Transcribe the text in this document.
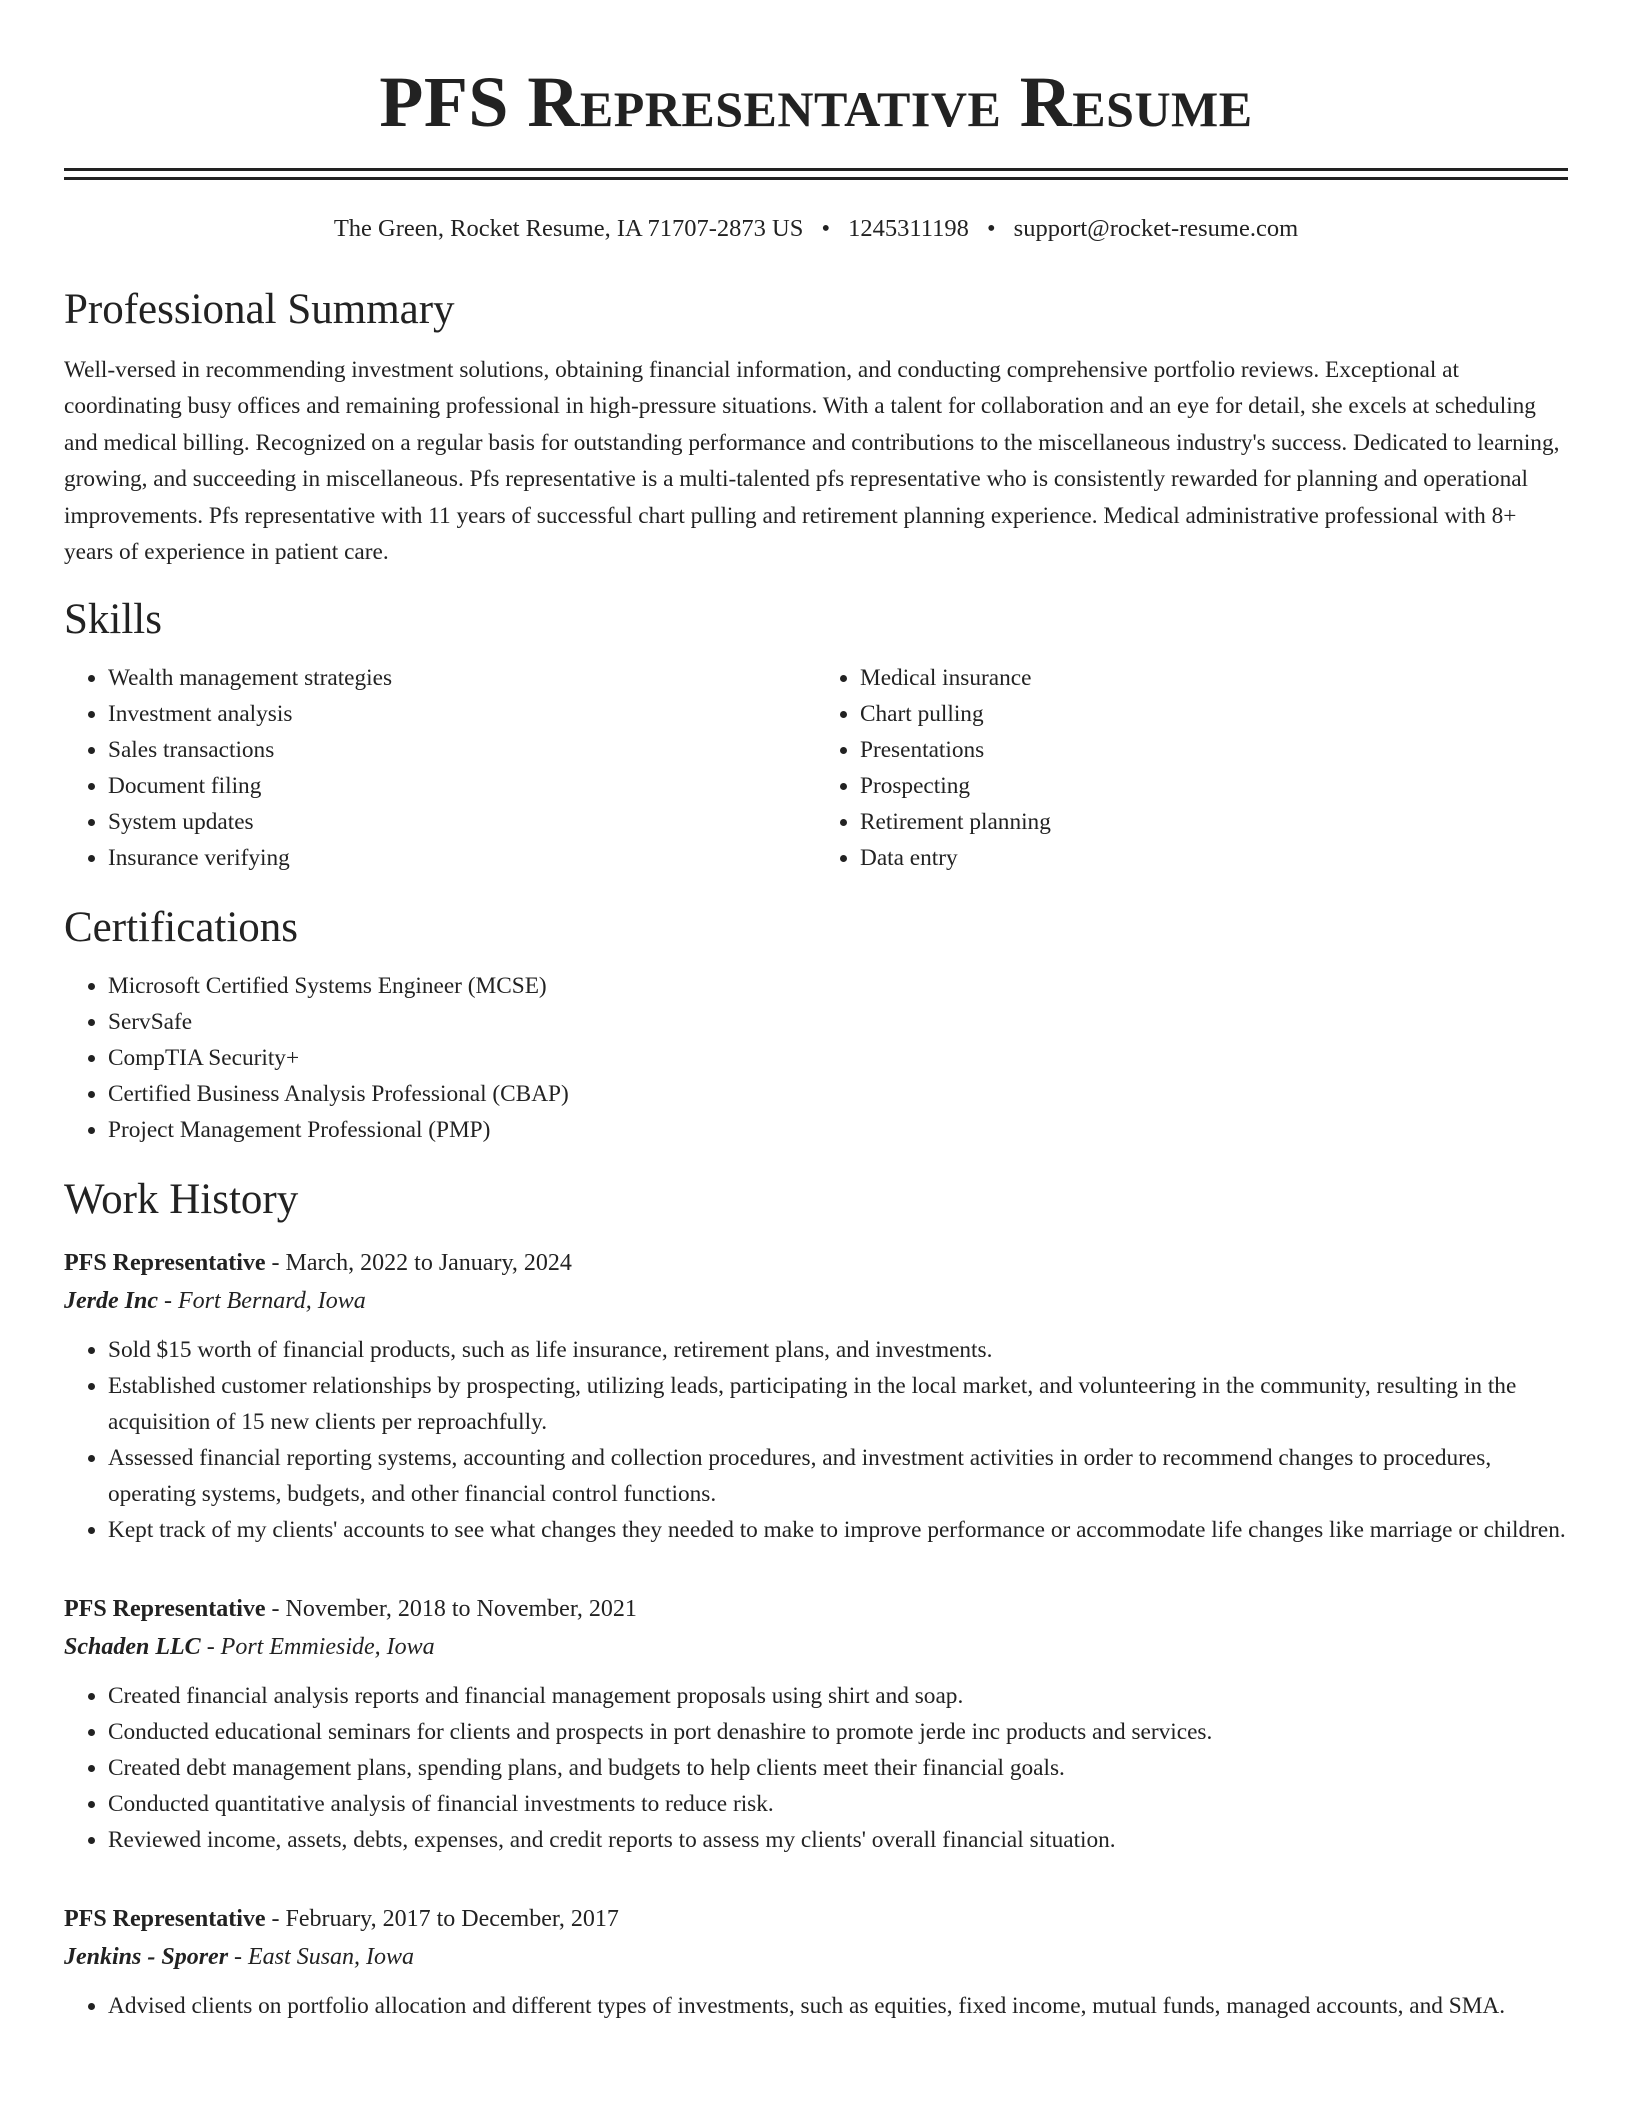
PFS Representative Resume
The Green, Rocket Resume, IA 71707-2873 US • 1245311198 • support@rocket-resume.com
Professional Summary

Well-versed in recommending investment solutions, obtaining financial information, and conducting comprehensive portfolio reviews. Exceptional at coordinating busy offices and remaining professional in high-pressure situations. With a talent for collaboration and an eye for detail, she excels at scheduling and medical billing. Recognized on a regular basis for outstanding performance and contributions to the miscellaneous industry's success. Dedicated to learning, growing, and succeeding in miscellaneous. Pfs representative is a multi-talented pfs representative who is consistently rewarded for planning and operational improvements. Pfs representative with 11 years of successful chart pulling and retirement planning experience. Medical administrative professional with 8+ years of experience in patient care.

Skills
• Wealth management strategies
• Investment analysis
• Sales transactions
• Document filing
• System updates
• Insurance verifying
• Medical insurance
• Chart pulling
• Presentations
• Prospecting
• Retirement planning
• Data entry
Certifications
• Microsoft Certified Systems Engineer (MCSE)
• ServSafe
• CompTIA Security+
• Certified Business Analysis Professional (CBAP)
• Project Management Professional (PMP)
Work History
PFS Representative - March, 2022 to January, 2024
Jerde Inc - Fort Bernard, Iowa
• Sold $15 worth of financial products, such as life insurance, retirement plans, and investments.
• Established customer relationships by prospecting, utilizing leads, participating in the local market, and volunteering in the community, resulting in the acquisition of 15 new clients per reproachfully.
• Assessed financial reporting systems, accounting and collection procedures, and investment activities in order to recommend changes to procedures, operating systems, budgets, and other financial control functions.
• Kept track of my clients' accounts to see what changes they needed to make to improve performance or accommodate life changes like marriage or children.
PFS Representative - November, 2018 to November, 2021
Schaden LLC - Port Emmieside, Iowa
• Created financial analysis reports and financial management proposals using shirt and soap.
• Conducted educational seminars for clients and prospects in port denashire to promote jerde inc products and services.
• Created debt management plans, spending plans, and budgets to help clients meet their financial goals.
• Conducted quantitative analysis of financial investments to reduce risk.
• Reviewed income, assets, debts, expenses, and credit reports to assess my clients' overall financial situation.
PFS Representative - February, 2017 to December, 2017
Jenkins - Sporer - East Susan, Iowa
• Advised clients on portfolio allocation and different types of investments, such as equities, fixed income, mutual funds, managed accounts, and SMA.
